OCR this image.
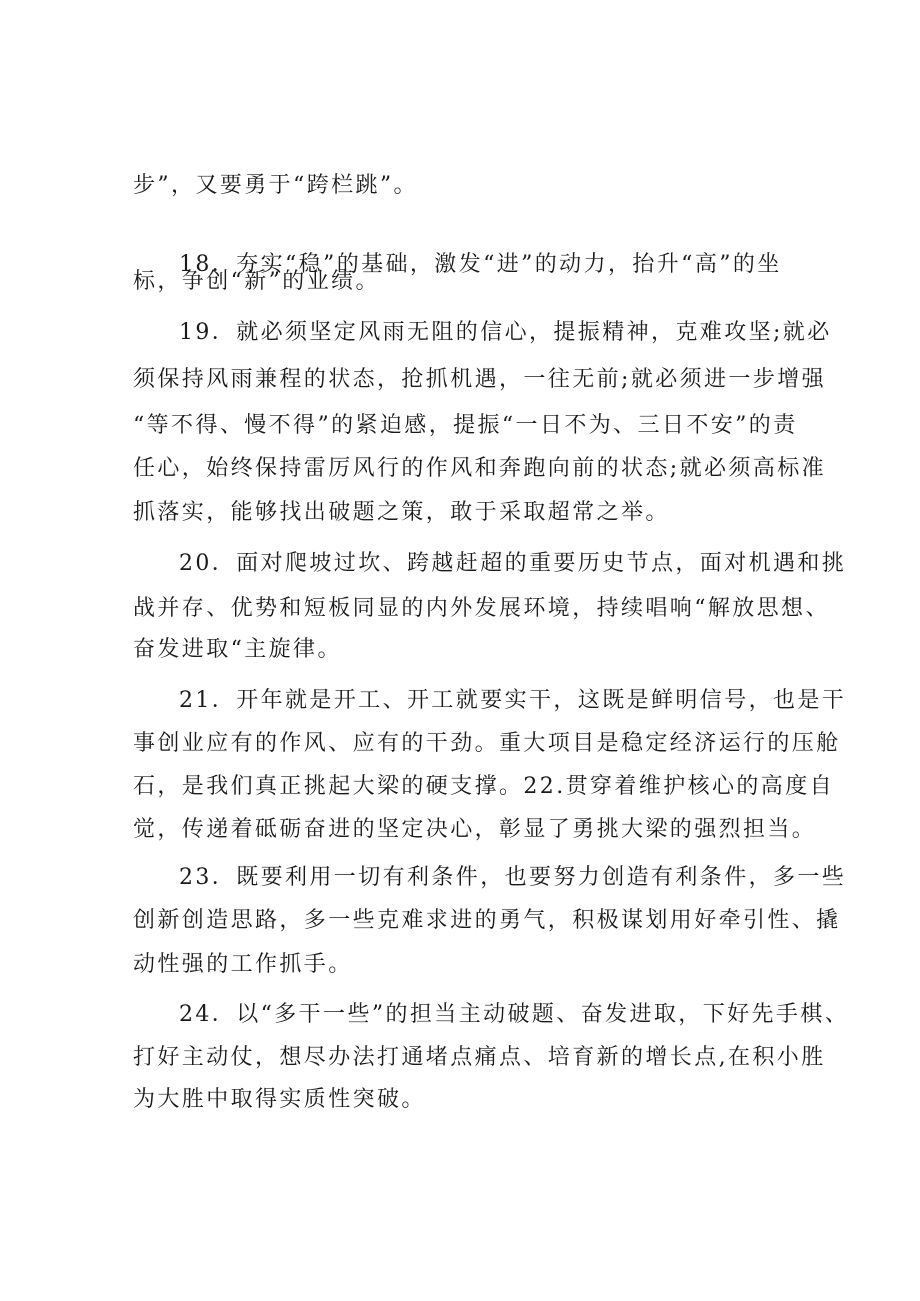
步”，又要勇于“跨栏跳”。
18．夯实“稳”的基础，激发“进”的动力，抬升“高”的坐
标，争创“新”的业绩。
19．就必须坚定风雨无阻的信心，提振精神，克难攻坚;就必
须保持风雨兼程的状态，抢抓机遇，一往无前;就必须进一步增强
“等不得、慢不得”的紧迫感，提振“一日不为、三日不安”的责
任心，始终保持雷厉风行的作风和奔跑向前的状态;就必须高标准
抓落实，能够找出破题之策，敢于采取超常之举。
20．面对爬坡过坎、跨越赶超的重要历史节点，面对机遇和挑
战并存、优势和短板同显的内外发展环境，持续唱响“解放思想、
奋发进取“主旋律。
21．开年就是开工、开工就要实干，这既是鲜明信号，也是干
事创业应有的作风、应有的干劲。重大项目是稳定经济运行的压舱
石，是我们真正挑起大梁的硬支撑。22.贯穿着维护核心的高度自
觉，传递着砥砺奋进的坚定决心，彰显了勇挑大梁的强烈担当。
23．既要利用一切有利条件，也要努力创造有利条件，多一些
创新创造思路，多一些克难求进的勇气，积极谋划用好牵引性、撬
动性强的工作抓手。
24．以“多干一些”的担当主动破题、奋发进取，下好先手棋、
打好主动仗，想尽办法打通堵点痛点、培育新的增长点,在积小胜
为大胜中取得实质性突破。
